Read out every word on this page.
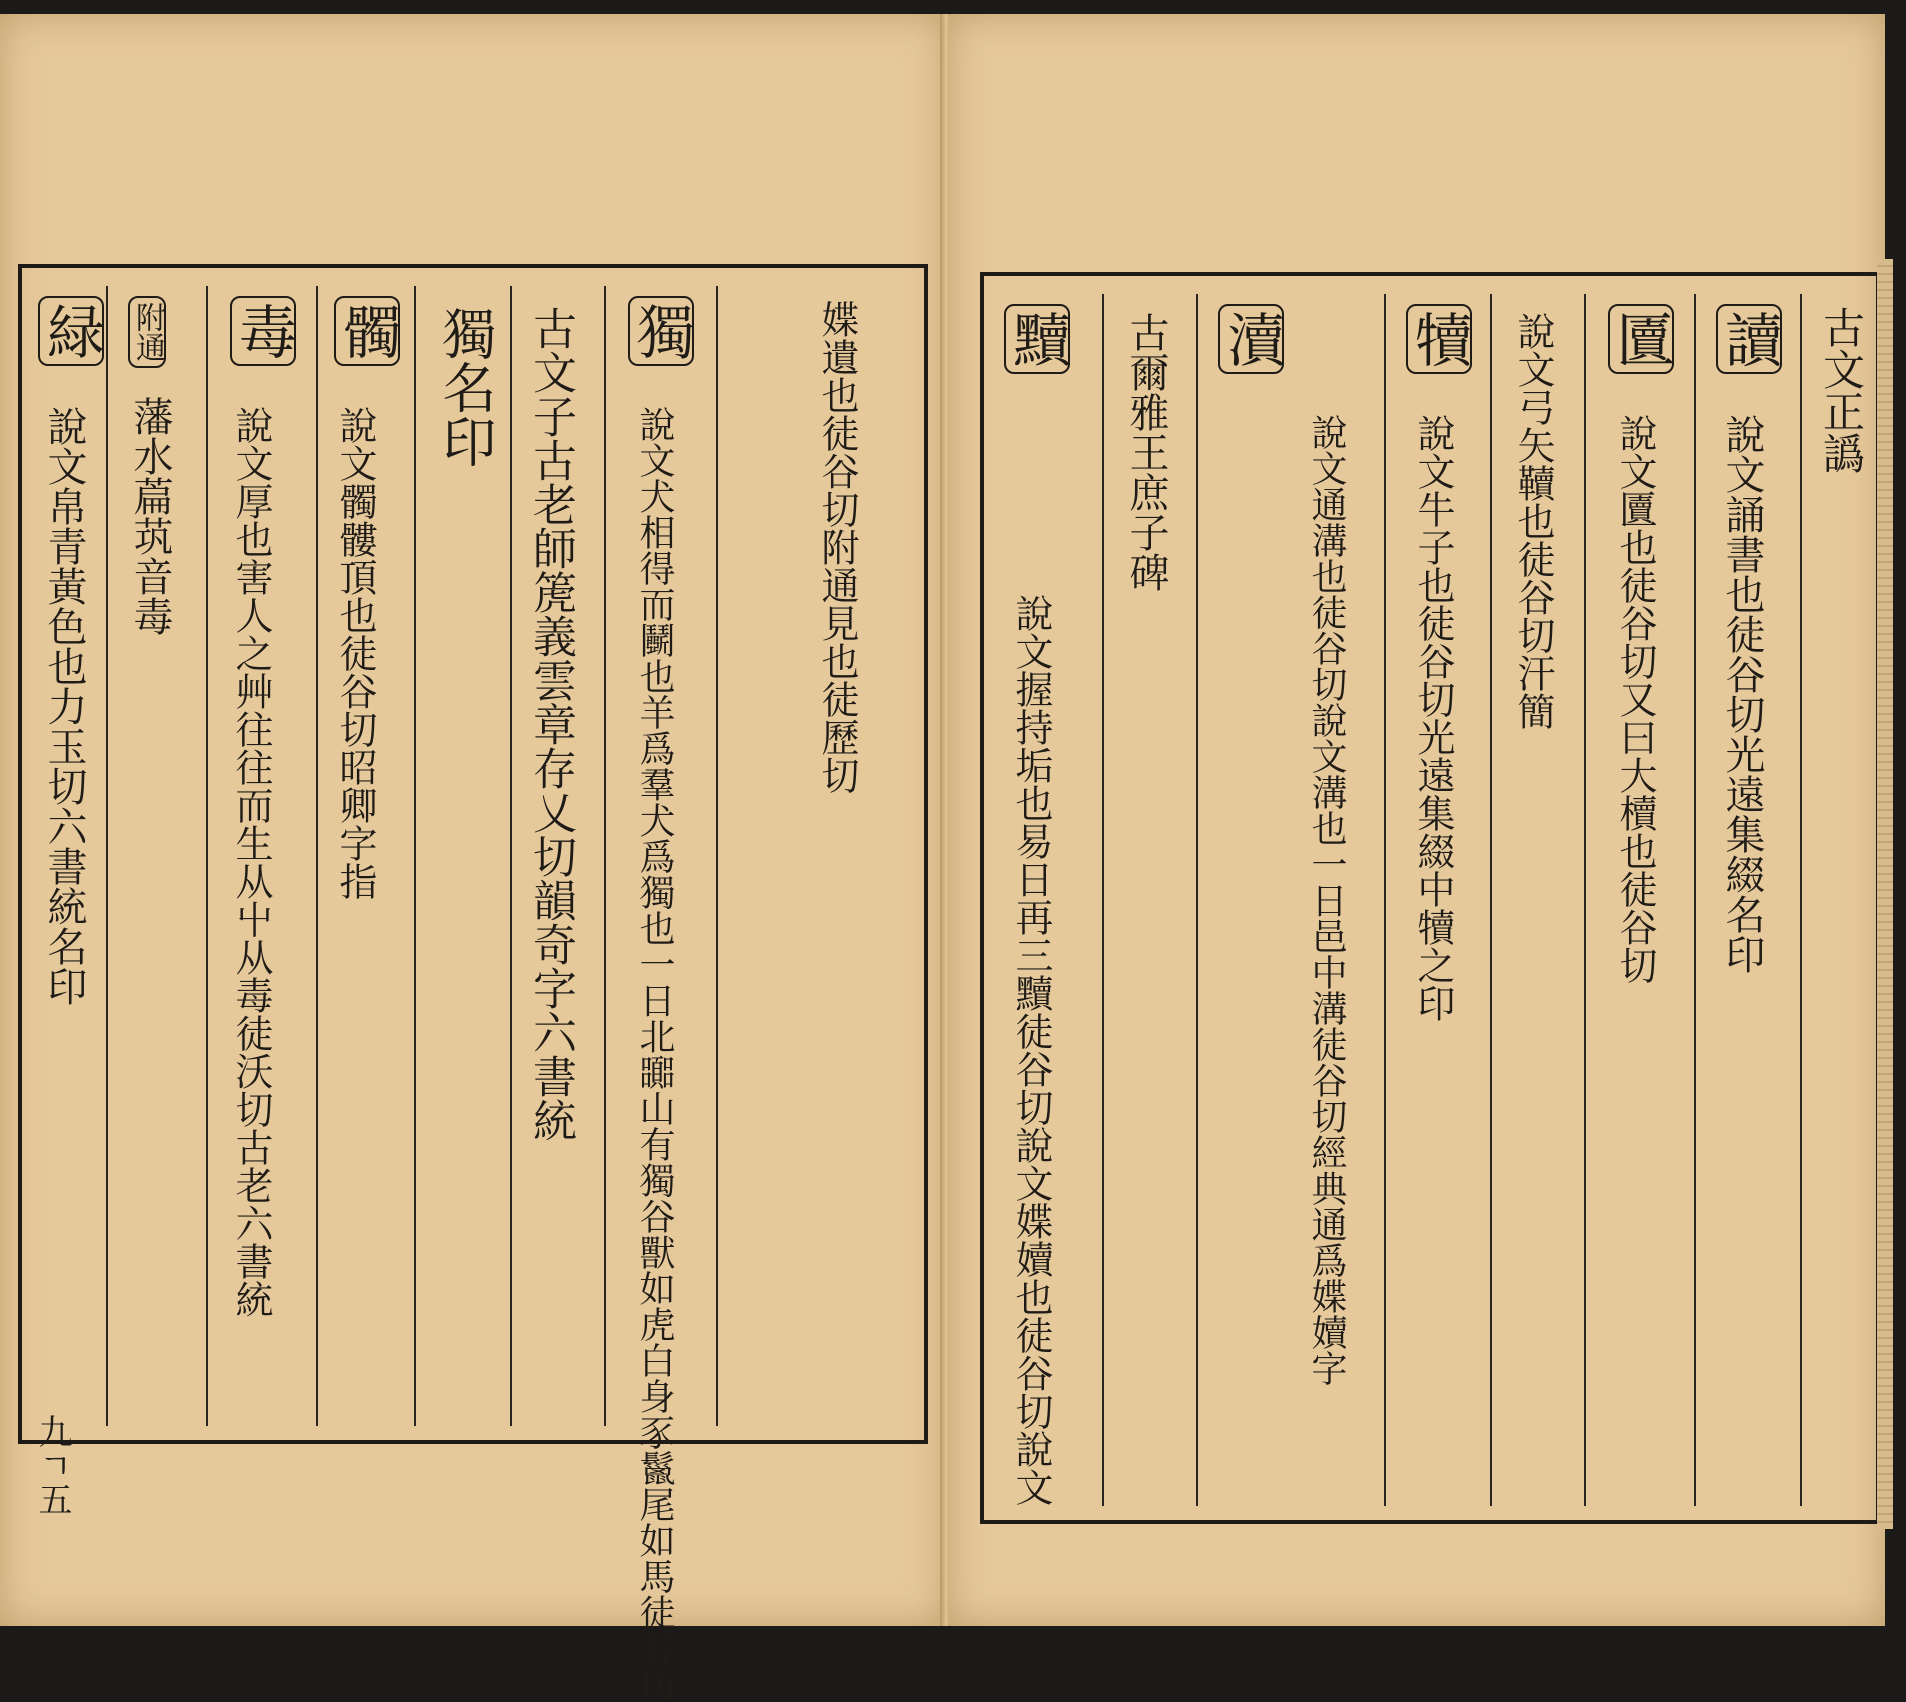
緑
說文帛青黃色也力玉切六書統名印
附通
藩水萹茿音毒
毒
說文厚也害人之艸往往而生从屮从毒徒沃切古老六書統
髑
說文髑髏頂也徒谷切昭卿字指
獨名印 古文子古老師箎義雲章存乂切韻奇字六書統 獨
說文犬相得而鬭也羊爲羣犬爲獨也一日北嚻山有獨谷獸如虎白身豕鬣尾如馬徒谷切	媟遺也徒谷切附通見也徒歷切
九ㄱ五
黷
說文握持垢也易日再三黷徒谷切說文媟嬻也徒谷切說文
古爾雅王庶子碑 瀆
說文通溝也徒谷切說文溝也一日邑中溝徒谷切經典通爲媟嬻字
犢
說文牛子也徒谷切光遠集綴中犢之印 說文弓矢韇也徒谷切汗簡 匵
說文匵也徒谷切又曰大櫝也徒谷切
讀
說文誦書也徒谷切光遠集綴名印
古文正譌
